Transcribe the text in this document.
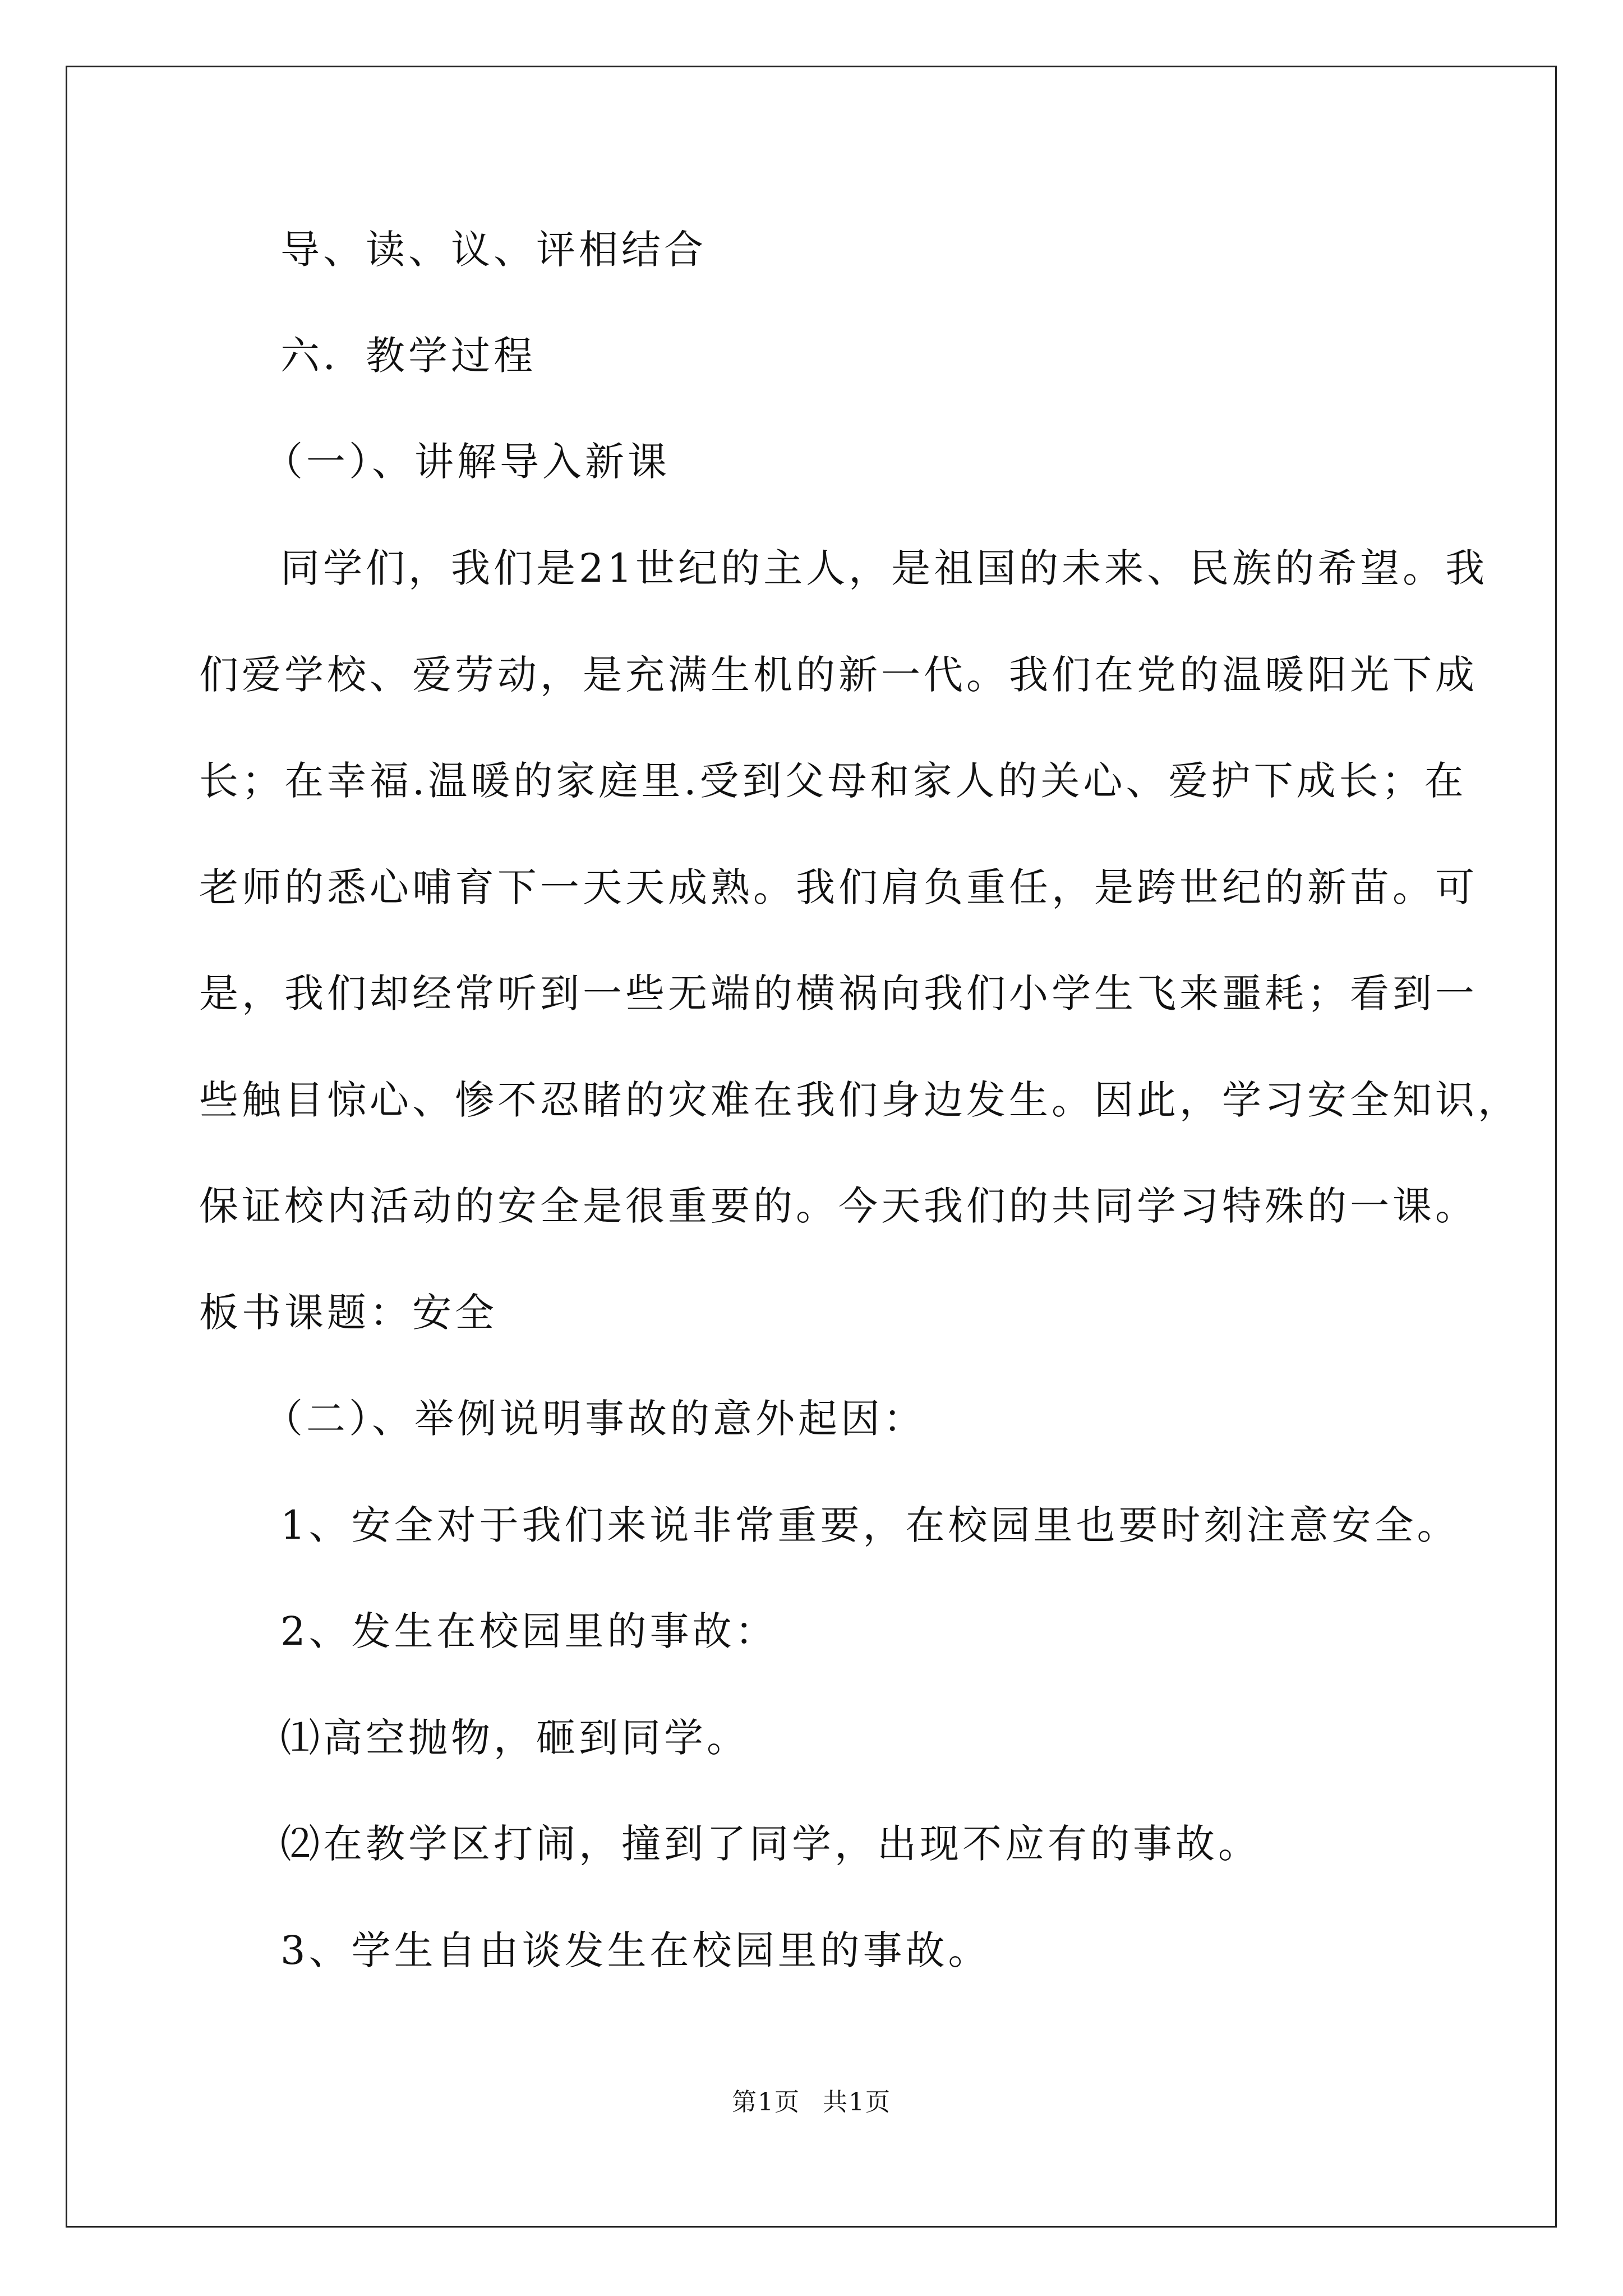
导、读、议、评相结合
六．教学过程
（一）、讲解导入新课
同学们，我们是21世纪的主人，是祖国的未来、民族的希望。我
们爱学校、爱劳动，是充满生机的新一代。我们在党的温暖阳光下成
长；在幸福.温暖的家庭里.受到父母和家人的关心、爱护下成长；在
老师的悉心哺育下一天天成熟。我们肩负重任，是跨世纪的新苗。可
是，我们却经常听到一些无端的横祸向我们小学生飞来噩耗；看到一
些触目惊心、惨不忍睹的灾难在我们身边发生。因此，学习安全知识，
保证校内活动的安全是很重要的。今天我们的共同学习特殊的一课。
板书课题：安全
（二）、举例说明事故的意外起因：
1、安全对于我们来说非常重要，在校园里也要时刻注意安全。
2、发生在校园里的事故：
⑴高空抛物，砸到同学。
⑵在教学区打闹，撞到了同学，出现不应有的事故。
3、学生自由谈发生在校园里的事故。
第1页 共1页
